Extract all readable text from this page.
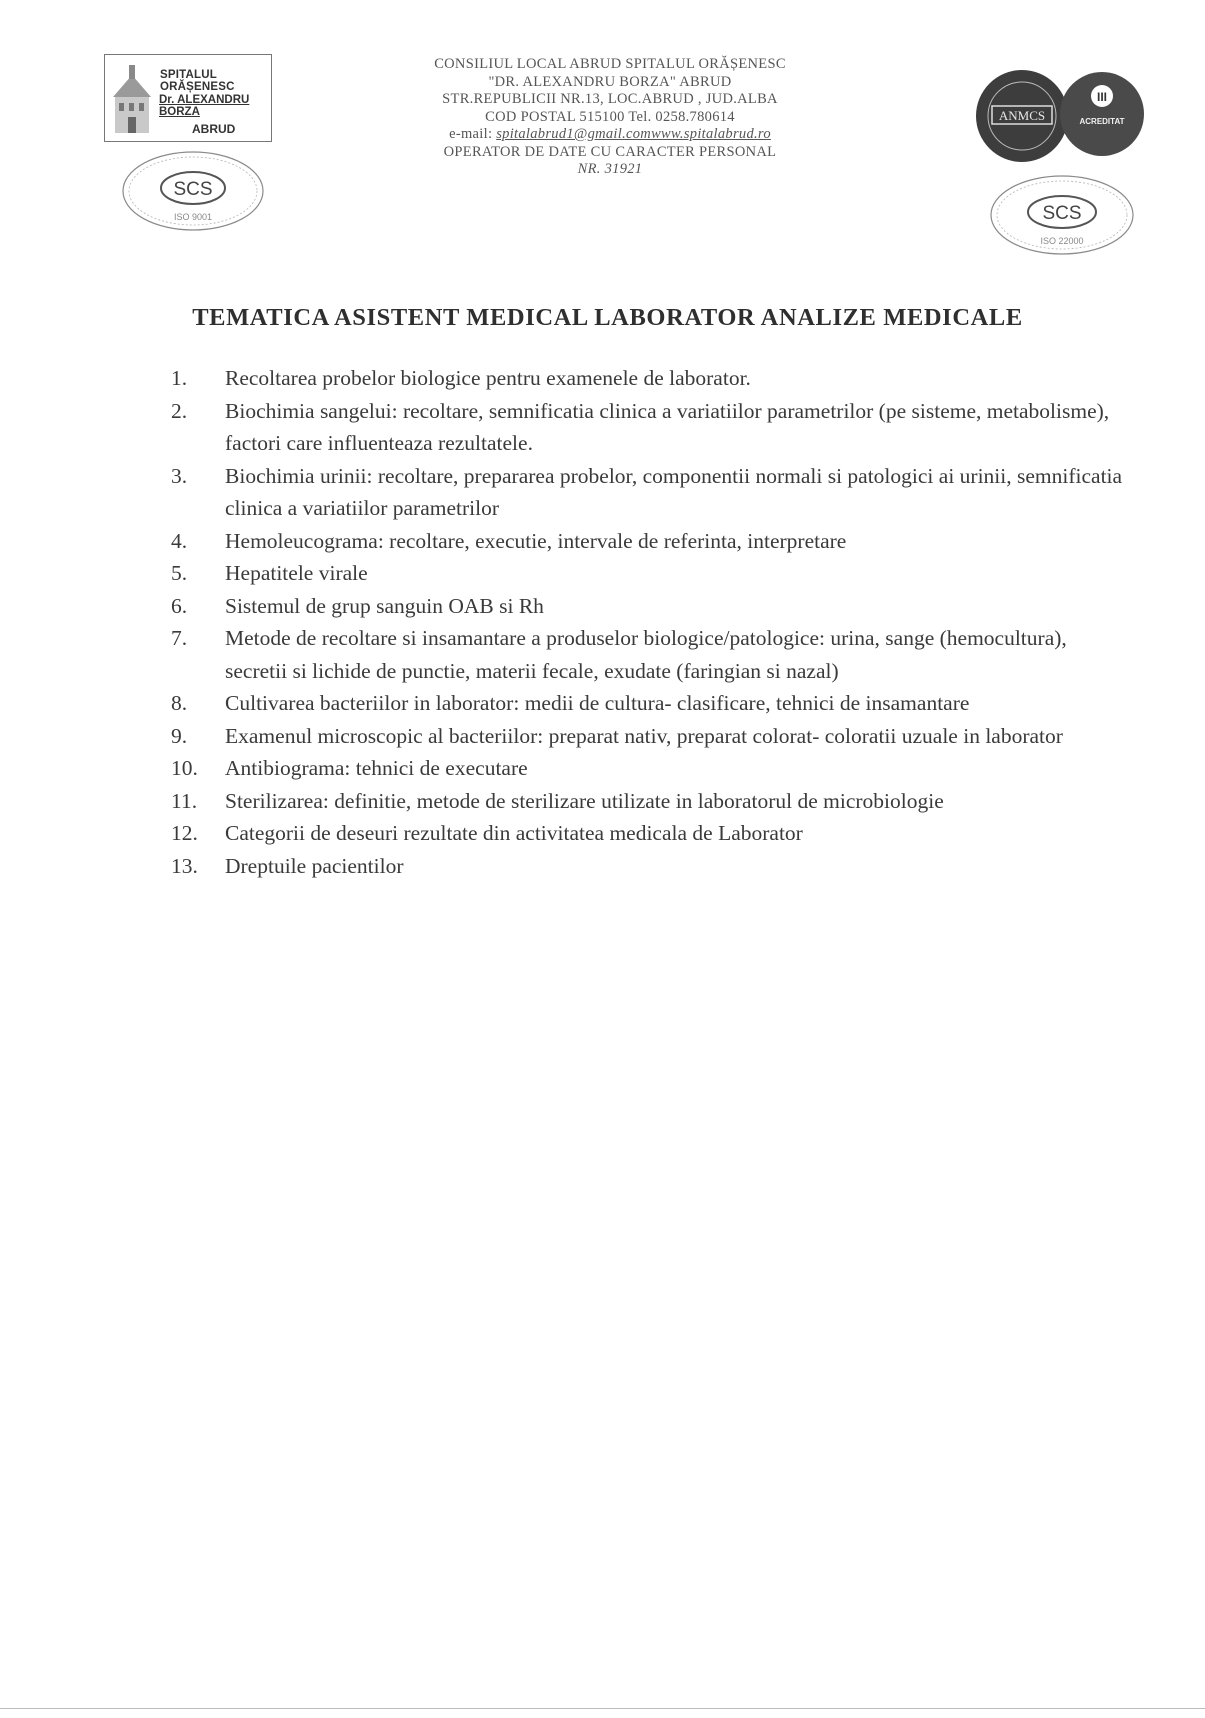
SPITALUL ORĂȘENESC
Dr. ALEXANDRU BORZA
ABRUD
CONSILIUL LOCAL ABRUD SPITALUL ORĂȘENESC
"DR. ALEXANDRU BORZA" ABRUD
STR.REPUBLICII NR.13, LOC.ABRUD , JUD.ALBA
COD POSTAL 515100 Tel. 0258.780614
e-mail: spitalabrud1@gmail.comwww.spitalabrud.ro
OPERATOR DE DATE CU CARACTER PERSONAL
NR. 31921
SCS
ISO 9001
ANMCS
III
ACREDITAT
SCS
ISO 22000
TEMATICA ASISTENT MEDICAL LABORATOR ANALIZE MEDICALE
1. Recoltarea probelor biologice pentru examenele de laborator.
2. Biochimia sangelui: recoltare, semnificatia clinica a variatiilor parametrilor (pe sisteme, metabolisme), factori care influenteaza rezultatele.
3. Biochimia urinii: recoltare, prepararea probelor, componentii normali si patologici ai urinii, semnificatia clinica a variatiilor parametrilor
4. Hemoleucograma: recoltare, executie, intervale de referinta, interpretare
5. Hepatitele virale
6. Sistemul de grup sanguin OAB si Rh
7. Metode de recoltare si insamantare a produselor biologice/patologice: urina, sange (hemocultura), secretii si lichide de punctie, materii fecale, exudate (faringian si nazal)
8. Cultivarea bacteriilor in laborator: medii de cultura- clasificare, tehnici de insamantare
9. Examenul microscopic al bacteriilor: preparat nativ, preparat colorat- coloratii uzuale in laborator
10. Antibiograma: tehnici de executare
11. Sterilizarea: definitie, metode de sterilizare utilizate in laboratorul de microbiologie
12. Categorii de deseuri rezultate din activitatea medicala de Laborator
13. Dreptuile pacientilor
